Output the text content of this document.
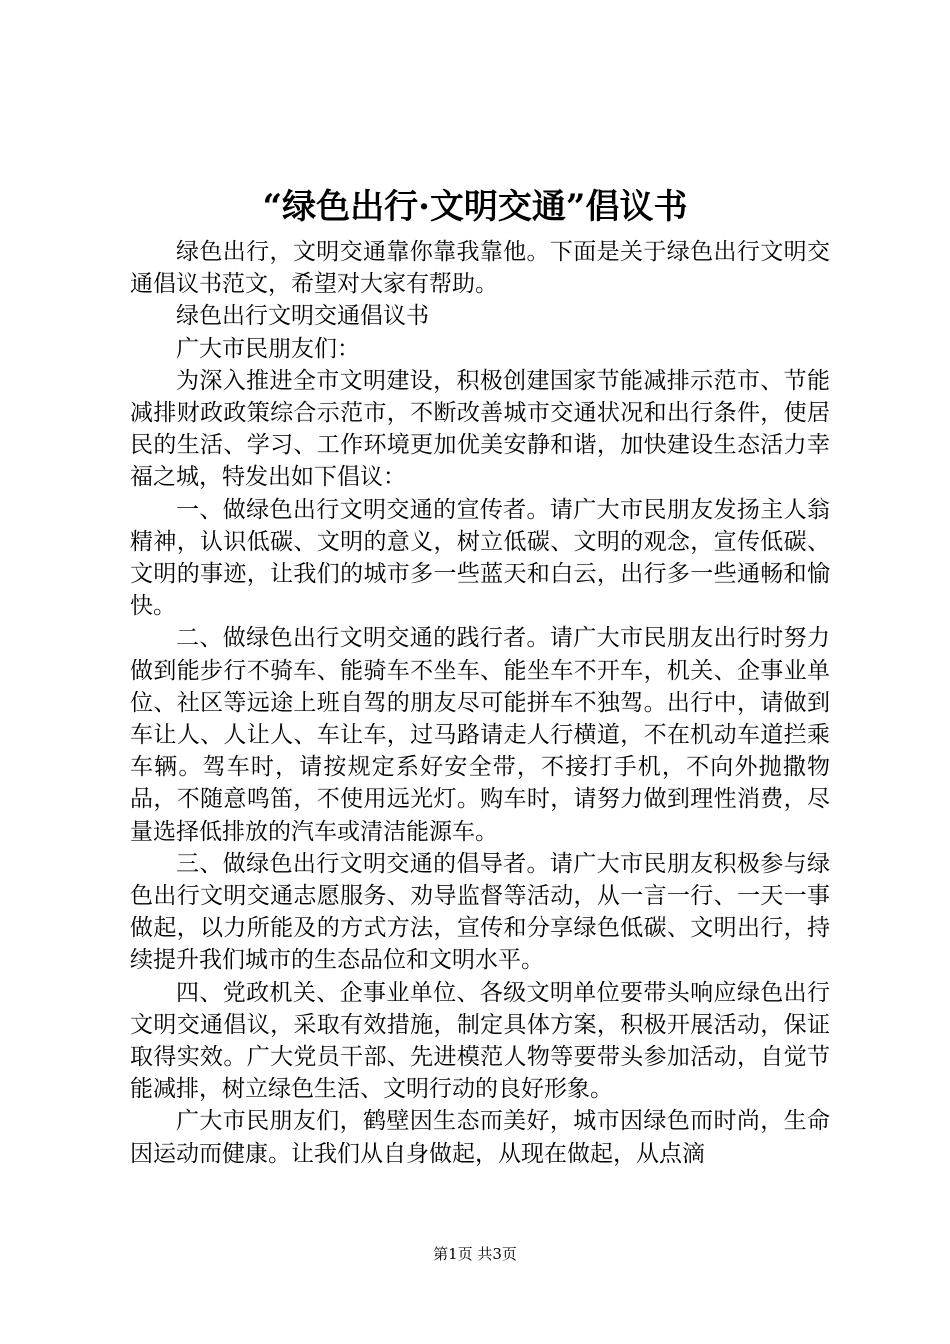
“绿色出行·文明交通”倡议书

绿色出行，文明交通靠你靠我靠他。下面是关于绿色出行文明交通倡议书范文，希望对大家有帮助。

绿色出行文明交通倡议书

广大市民朋友们：

为深入推进全市文明建设，积极创建国家节能减排示范市、节能减排财政政策综合示范市，不断改善城市交通状况和出行条件，使居民的生活、学习、工作环境更加优美安静和谐，加快建设生态活力幸福之城，特发出如下倡议：

一、做绿色出行文明交通的宣传者。请广大市民朋友发扬主人翁精神，认识低碳、文明的意义，树立低碳、文明的观念，宣传低碳、文明的事迹，让我们的城市多一些蓝天和白云，出行多一些通畅和愉快。

二、做绿色出行文明交通的践行者。请广大市民朋友出行时努力做到能步行不骑车、能骑车不坐车、能坐车不开车，机关、企事业单位、社区等远途上班自驾的朋友尽可能拼车不独驾。出行中，请做到车让人、人让人、车让车，过马路请走人行横道，不在机动车道拦乘车辆。驾车时，请按规定系好安全带，不接打手机，不向外抛撒物品，不随意鸣笛，不使用远光灯。购车时，请努力做到理性消费，尽量选择低排放的汽车或清洁能源车。

三、做绿色出行文明交通的倡导者。请广大市民朋友积极参与绿色出行文明交通志愿服务、劝导监督等活动，从一言一行、一天一事做起，以力所能及的方式方法，宣传和分享绿色低碳、文明出行，持续提升我们城市的生态品位和文明水平。

四、党政机关、企事业单位、各级文明单位要带头响应绿色出行文明交通倡议，采取有效措施，制定具体方案，积极开展活动，保证取得实效。广大党员干部、先进模范人物等要带头参加活动，自觉节能减排，树立绿色生活、文明行动的良好形象。

广大市民朋友们，鹤壁因生态而美好，城市因绿色而时尚，生命因运动而健康。让我们从自身做起，从现在做起，从点滴

第1页 共3页
